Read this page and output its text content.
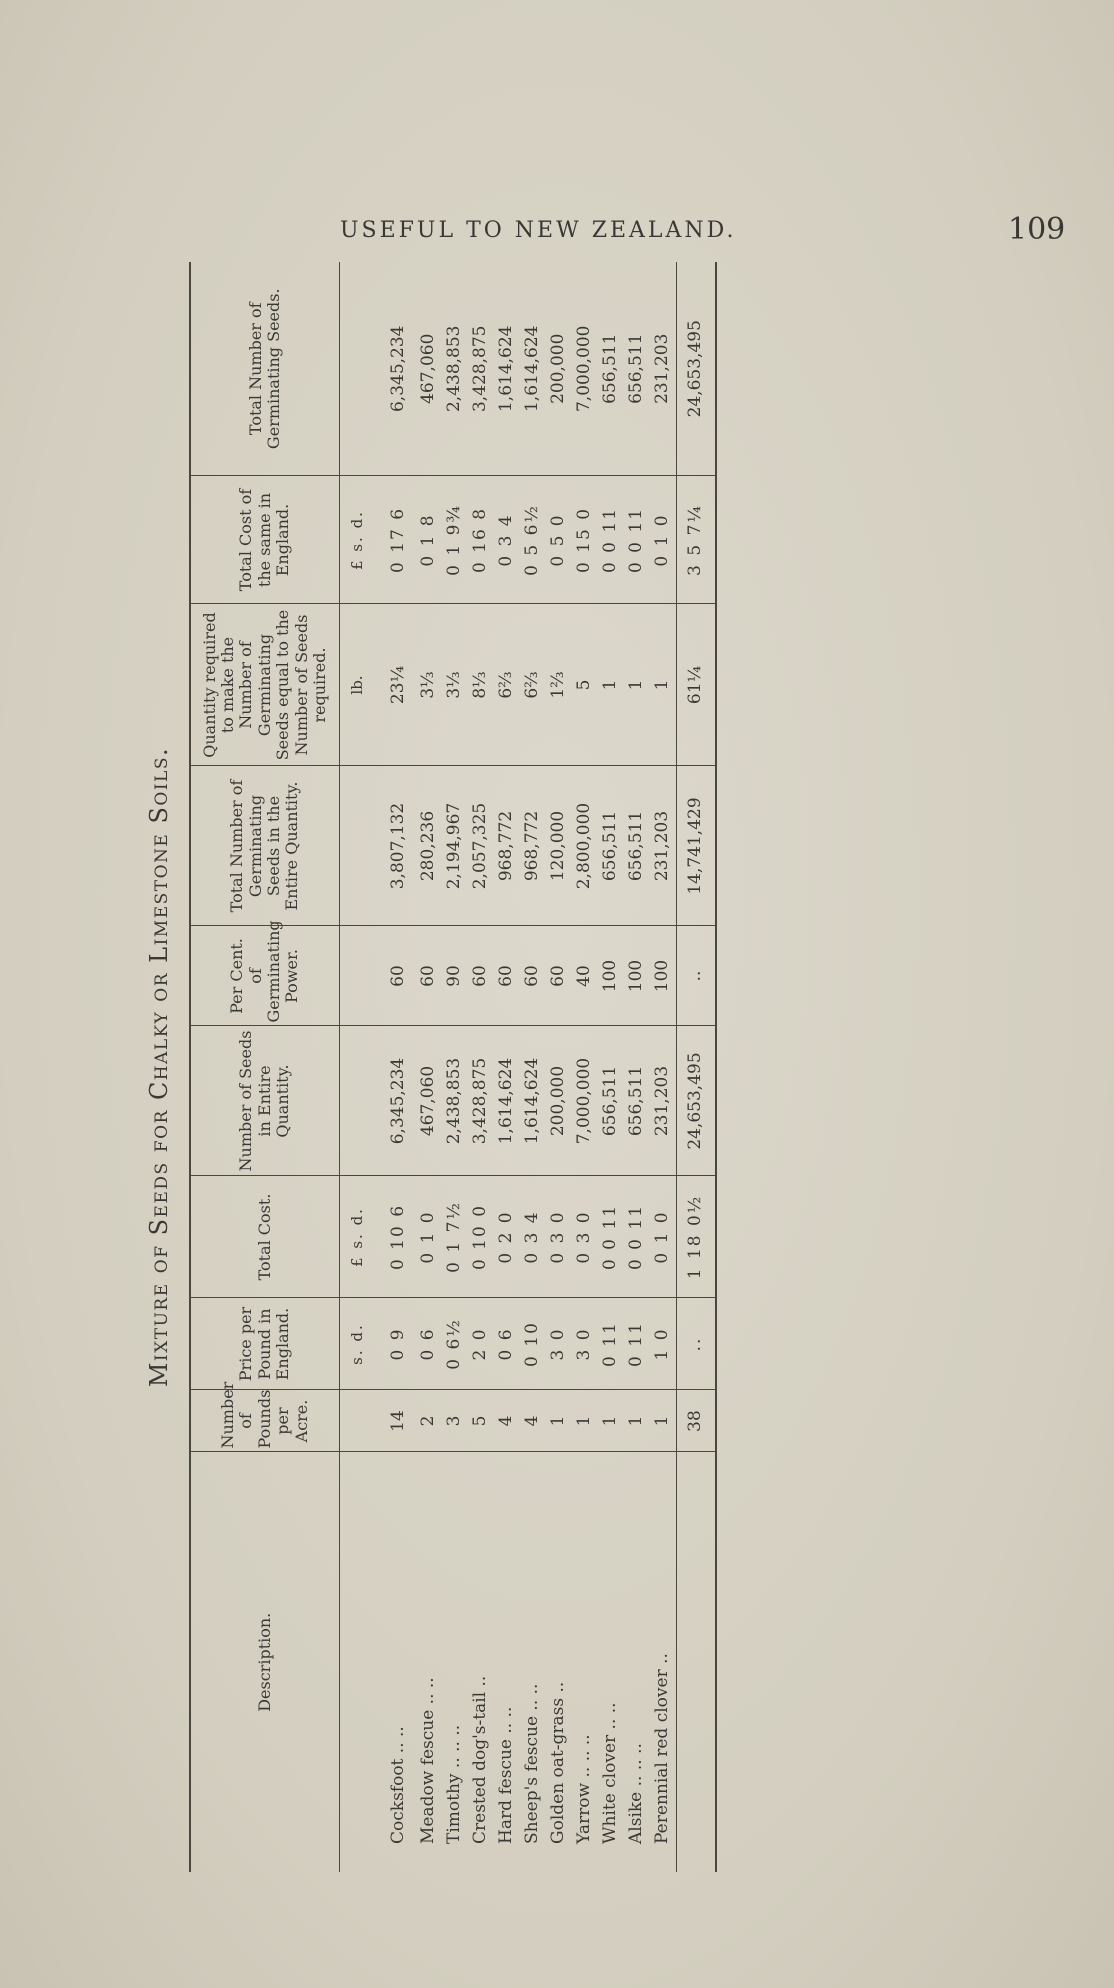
USEFUL TO NEW ZEALAND.	109
Mixture of Seeds for Chalky or Limestone Soils.
Description.	Number of Pounds per Acre.	Price per Pound in England.	Total Cost.	Number of Seeds in Entire Quantity.	Per Cent. of Germinating Power.	Total Number of Germinating Seeds in the Entire Quantity.	Quantity required to make the Number of Germinating Seeds equal to the Number of Seeds required.	Total Cost of the same in England.	Total Number of Germinating Seeds.
		s. d.	£ s. d.				lb.	£ s. d.	
Cocksfoot .. ..	14	0 9	0 10 6	6,345,234	60	3,807,132	23¼	0 17 6	6,345,234
Meadow fescue .. ..	2	0 6	0 1 0	467,060	60	280,236	3⅓	0 1 8	467,060
Timothy .. .. ..	3	0 6½	0 1 7½	2,438,853	90	2,194,967	3⅓	0 1 9¾	2,438,853
Crested dog's-tail ..	5	2 0	0 10 0	3,428,875	60	2,057,325	8⅓	0 16 8	3,428,875
Hard fescue .. ..	4	0 6	0 2 0	1,614,624	60	968,772	6⅔	0 3 4	1,614,624
Sheep's fescue .. ..	4	0 10	0 3 4	1,614,624	60	968,772	6⅔	0 5 6½	1,614,624
Golden oat-grass ..	1	3 0	0 3 0	200,000	60	120,000	1⅔	0 5 0	200,000
Yarrow .. .. ..	1	3 0	0 3 0	7,000,000	40	2,800,000	5	0 15 0	7,000,000
White clover .. ..	1	0 11	0 0 11	656,511	100	656,511	1	0 0 11	656,511
Alsike .. .. ..	1	0 11	0 0 11	656,511	100	656,511	1	0 0 11	656,511
Perennial red clover ..	1	1 0	0 1 0	231,203	100	231,203	1	0 1 0	231,203
	38	..	1 18 0½	24,653,495	..	14,741,429	61¼	3 5 7¼	24,653,495
